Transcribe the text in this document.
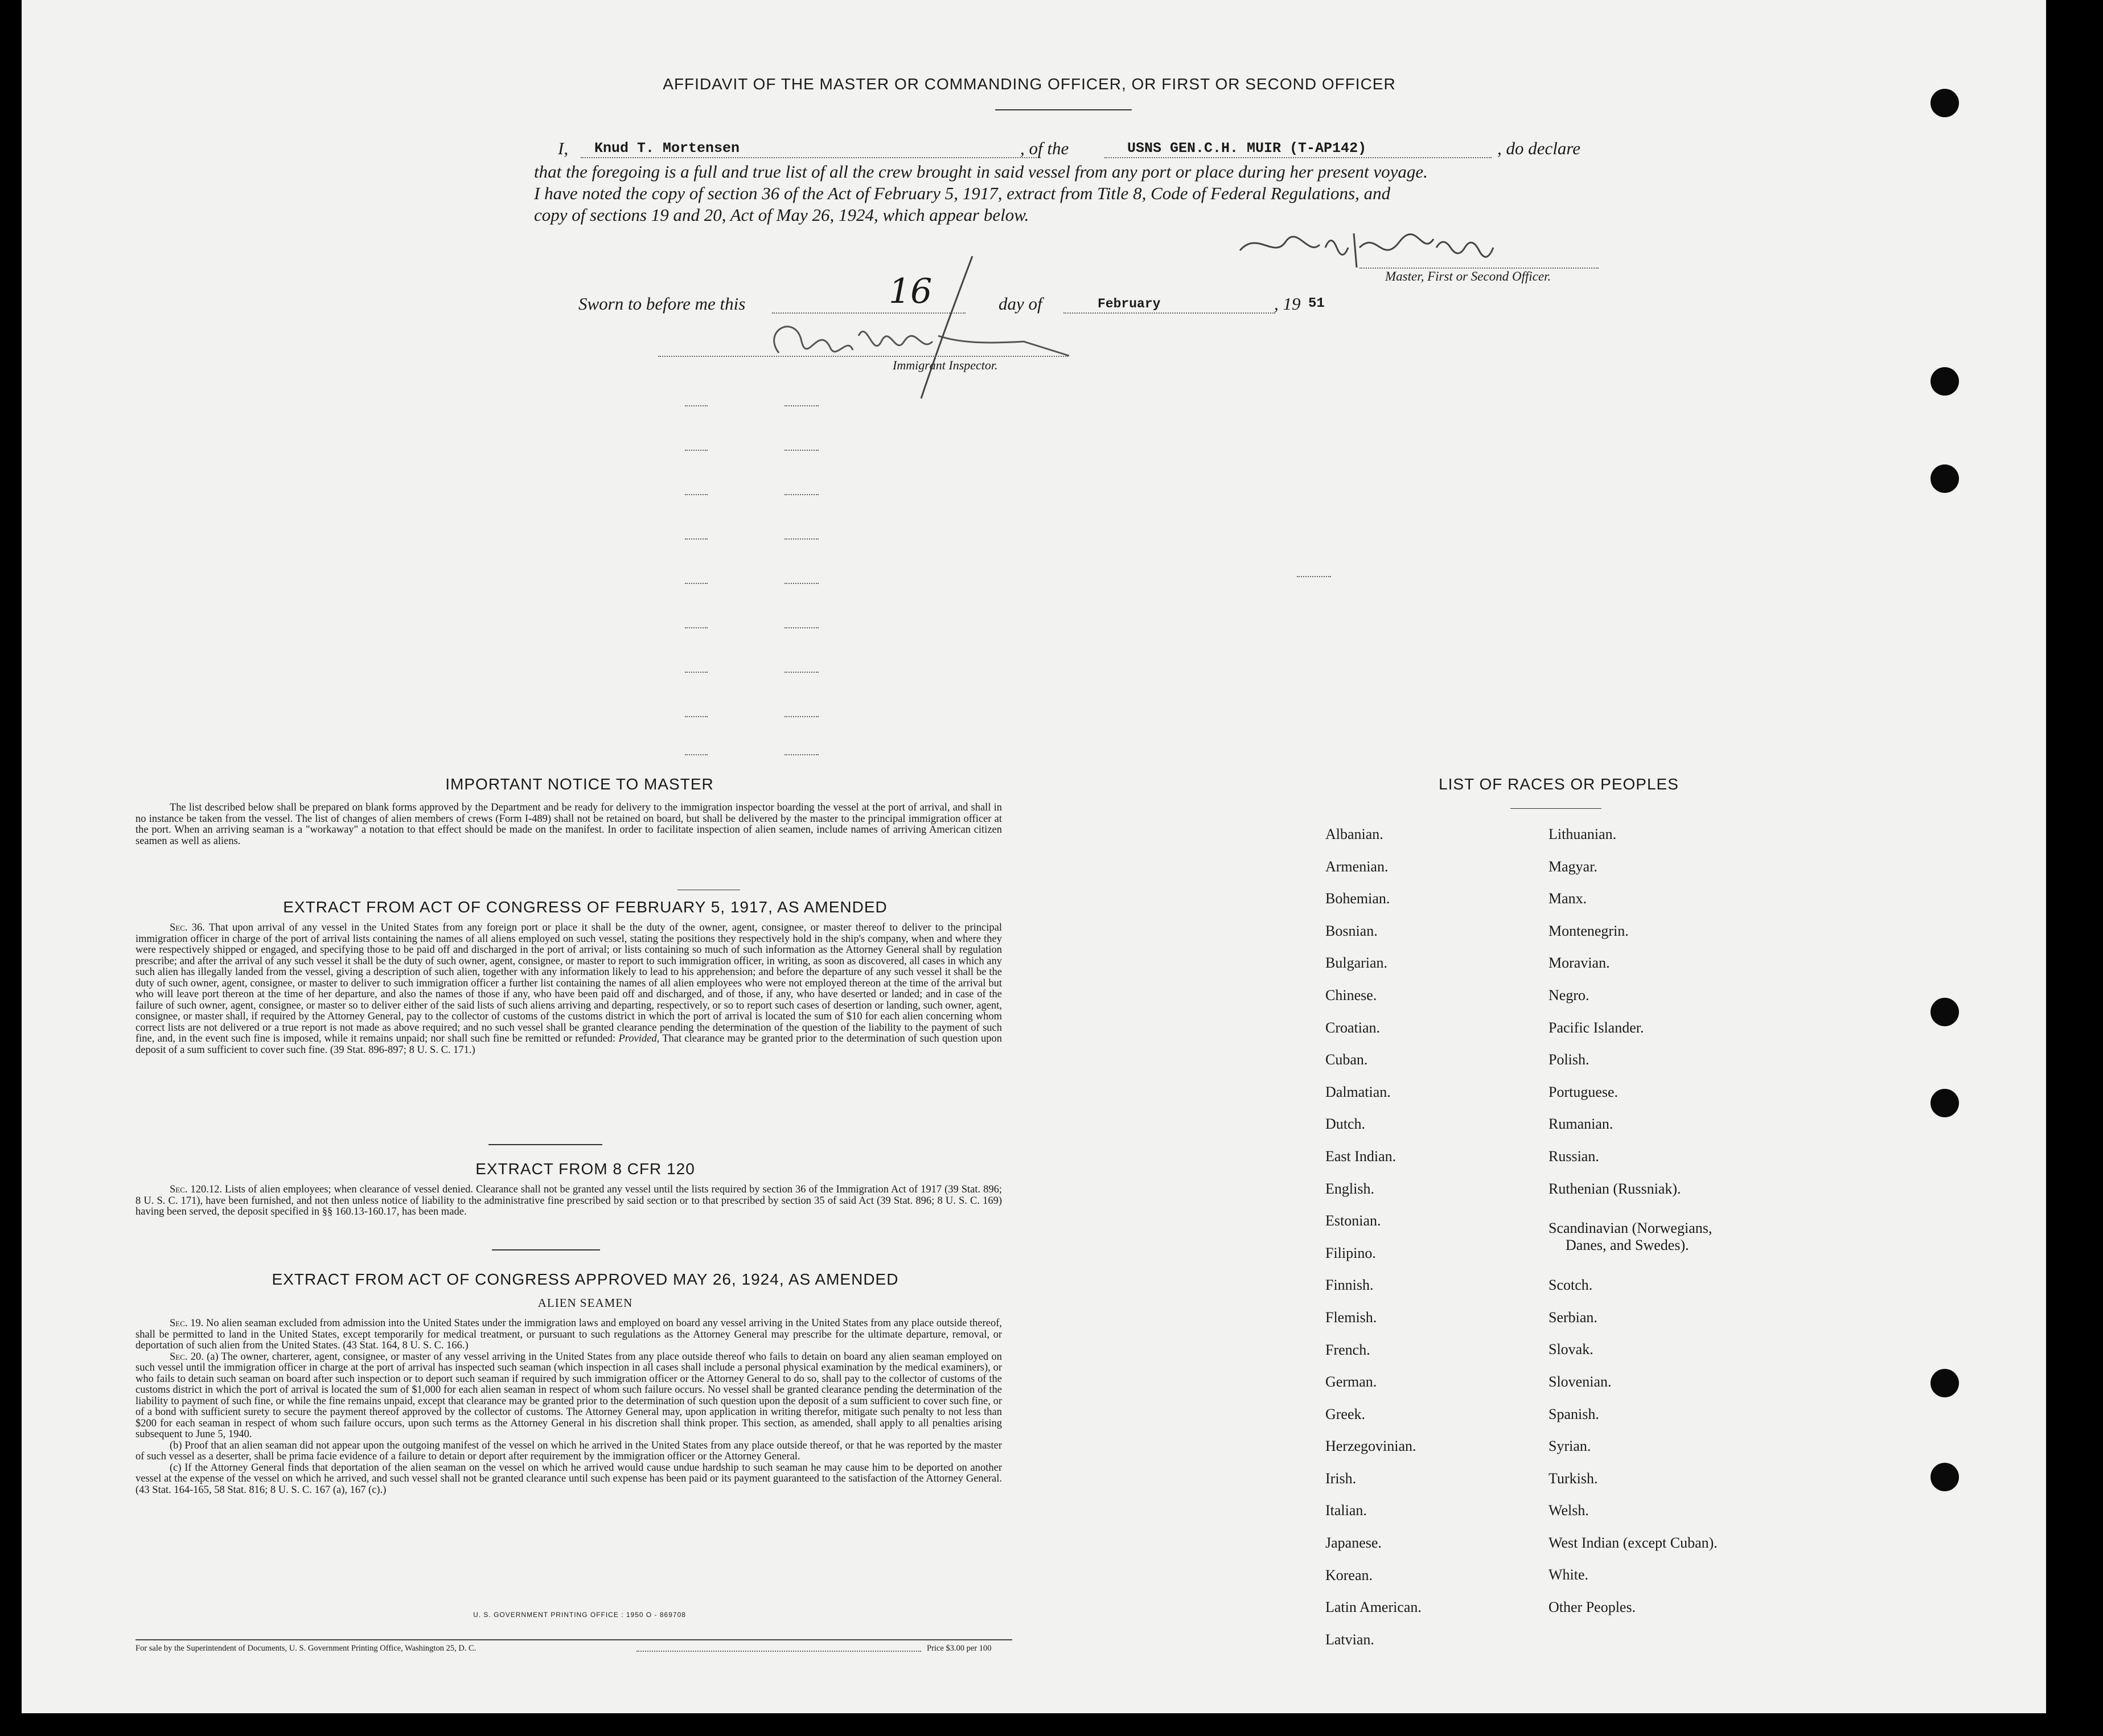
AFFIDAVIT OF THE MASTER OR COMMANDING OFFICER, OR FIRST OR SECOND OFFICER
I, Knud T. Mortensen	, of the	USNS GEN.C.H. MUIR (T-AP142)	, do declare
that the foregoing is a full and true list of all the crew brought in said vessel from any port or place during her present voyage.
I have noted the copy of section 36 of the Act of February 5, 1917, extract from Title 8, Code of Federal Regulations, and
copy of sections 19 and 20, Act of May 26, 1924, which appear below.
Master, First or Second Officer.
Sworn to before me this	16	day of	February	, 19 51
Immigrant Inspector.
IMPORTANT NOTICE TO MASTER
The list described below shall be prepared on blank forms approved by the Department and be ready for delivery to the immigration inspector boarding the vessel at the port of arrival, and shall in no instance be taken from the vessel. The list of changes of alien members of crews (Form I-489) shall not be retained on board, but shall be delivered by the master to the principal immigration officer at the port. When an arriving seaman is a "workaway" a notation to that effect should be made on the manifest. In order to facilitate inspection of alien seamen, include names of arriving American citizen seamen as well as aliens.
EXTRACT FROM ACT OF CONGRESS OF FEBRUARY 5, 1917, AS AMENDED
Sec. 36. That upon arrival of any vessel in the United States from any foreign port or place it shall be the duty of the owner, agent, consignee, or master thereof to deliver to the principal immigration officer in charge of the port of arrival lists containing the names of all aliens employed on such vessel, stating the positions they respectively hold in the ship's company, when and where they were respectively shipped or engaged, and specifying those to be paid off and discharged in the port of arrival; or lists containing so much of such information as the Attorney General shall by regulation prescribe; and after the arrival of any such vessel it shall be the duty of such owner, agent, consignee, or master to report to such immigration officer, in writing, as soon as discovered, all cases in which any such alien has illegally landed from the vessel, giving a description of such alien, together with any information likely to lead to his apprehension; and before the departure of any such vessel it shall be the duty of such owner, agent, consignee, or master to deliver to such immigration officer a further list containing the names of all alien employees who were not employed thereon at the time of the arrival but who will leave port thereon at the time of her departure, and also the names of those if any, who have been paid off and discharged, and of those, if any, who have deserted or landed; and in case of the failure of such owner, agent, consignee, or master so to deliver either of the said lists of such aliens arriving and departing, respectively, or so to report such cases of desertion or landing, such owner, agent, consignee, or master shall, if required by the Attorney General, pay to the collector of customs of the customs district in which the port of arrival is located the sum of $10 for each alien concerning whom correct lists are not delivered or a true report is not made as above required; and no such vessel shall be granted clearance pending the determination of the question of the liability to the payment of such fine, and, in the event such fine is imposed, while it remains unpaid; nor shall such fine be remitted or refunded: Provided, That clearance may be granted prior to the determination of such question upon deposit of a sum sufficient to cover such fine. (39 Stat. 896-897; 8 U. S. C. 171.)
EXTRACT FROM 8 CFR 120
Sec. 120.12. Lists of alien employees; when clearance of vessel denied. Clearance shall not be granted any vessel until the lists required by section 36 of the Immigration Act of 1917 (39 Stat. 896; 8 U. S. C. 171), have been furnished, and not then unless notice of liability to the administrative fine prescribed by said section or to that prescribed by section 35 of said Act (39 Stat. 896; 8 U. S. C. 169) having been served, the deposit specified in §§ 160.13-160.17, has been made.
EXTRACT FROM ACT OF CONGRESS APPROVED MAY 26, 1924, AS AMENDED
ALIEN SEAMEN
Sec. 19. No alien seaman excluded from admission into the United States under the immigration laws and employed on board any vessel arriving in the United States from any place outside thereof, shall be permitted to land in the United States, except temporarily for medical treatment, or pursuant to such regulations as the Attorney General may prescribe for the ultimate departure, removal, or deportation of such alien from the United States. (43 Stat. 164, 8 U. S. C. 166.)
Sec. 20. (a) The owner, charterer, agent, consignee, or master of any vessel arriving in the United States from any place outside thereof who fails to detain on board any alien seaman employed on such vessel until the immigration officer in charge at the port of arrival has inspected such seaman (which inspection in all cases shall include a personal physical examination by the medical examiners), or who fails to detain such seaman on board after such inspection or to deport such seaman if required by such immigration officer or the Attorney General to do so, shall pay to the collector of customs of the customs district in which the port of arrival is located the sum of $1,000 for each alien seaman in respect of whom such failure occurs. No vessel shall be granted clearance pending the determination of the liability to payment of such fine, or while the fine remains unpaid, except that clearance may be granted prior to the determination of such question upon the deposit of a sum sufficient to cover such fine, or of a bond with sufficient surety to secure the payment thereof approved by the collector of customs. The Attorney General may, upon application in writing therefor, mitigate such penalty to not less than $200 for each seaman in respect of whom such failure occurs, upon such terms as the Attorney General in his discretion shall think proper. This section, as amended, shall apply to all penalties arising subsequent to June 5, 1940.
(b) Proof that an alien seaman did not appear upon the outgoing manifest of the vessel on which he arrived in the United States from any place outside thereof, or that he was reported by the master of such vessel as a deserter, shall be prima facie evidence of a failure to detain or deport after requirement by the immigration officer or the Attorney General.
(c) If the Attorney General finds that deportation of the alien seaman on the vessel on which he arrived would cause undue hardship to such seaman he may cause him to be deported on another vessel at the expense of the vessel on which he arrived, and such vessel shall not be granted clearance until such expense has been paid or its payment guaranteed to the satisfaction of the Attorney General. (43 Stat. 164-165, 58 Stat. 816; 8 U. S. C. 167 (a), 167 (c).)
U. S. GOVERNMENT PRINTING OFFICE : 1950 O - 869708
For sale by the Superintendent of Documents, U. S. Government Printing Office, Washington 25, D. C.	Price $3.00 per 100
LIST OF RACES OR PEOPLES
Albanian.
Armenian.
Bohemian.
Bosnian.
Bulgarian.
Chinese.
Croatian.
Cuban.
Dalmatian.
Dutch.
East Indian.
English.
Estonian.
Filipino.
Finnish.
Flemish.
French.
German.
Greek.
Herzegovinian.
Irish.
Italian.
Japanese.
Korean.
Latin American.
Latvian.
Lithuanian.
Magyar.
Manx.
Montenegrin.
Moravian.
Negro.
Pacific Islander.
Polish.
Portuguese.
Rumanian.
Russian.
Ruthenian (Russniak).
Scandinavian (Norwegians,
Danes, and Swedes).
Scotch.
Serbian.
Slovak.
Slovenian.
Spanish.
Syrian.
Turkish.
Welsh.
West Indian (except Cuban).
White.
Other Peoples.
